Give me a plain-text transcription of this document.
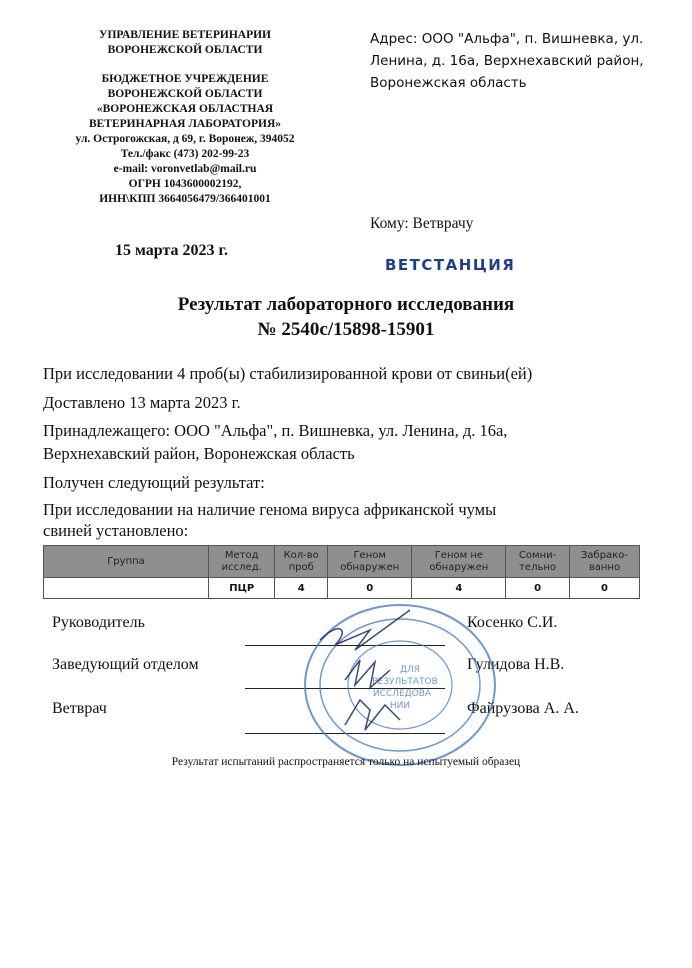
УПРАВЛЕНИЕ ВЕТЕРИНАРИИ
ВОРОНЕЖСКОЙ ОБЛАСТИ
БЮДЖЕТНОЕ УЧРЕЖДЕНИЕ
ВОРОНЕЖСКОЙ ОБЛАСТИ
«ВОРОНЕЖСКАЯ ОБЛАСТНАЯ
ВЕТЕРИНАРНАЯ ЛАБОРАТОРИЯ»
ул. Острогожская, д 69, г. Воронеж, 394052
Тел./факс (473) 202-99-23
e-mail: voronvetlab@mail.ru
ОГРН 1043600002192,
ИНН\КПП 3664056479/366401001
Адрес: ООО "Альфа", п. Вишневка, ул. Ленина, д. 16а, Верхнехавский район, Воронежская область
Кому: Ветврачу
15 марта 2023 г.
ВЕТСТАНЦИЯ
Результат лабораторного исследования
№ 2540с/15898-15901
При исследовании 4 проб(ы) стабилизированной крови от свиньи(ей)
Доставлено 13 марта 2023 г.
Принадлежащего: ООО "Альфа", п. Вишневка, ул. Ленина, д. 16а,
Верхнехавский район, Воронежская область
Получен следующий результат:
При исследовании на наличие генома вируса африканской чумы
свиней установлено:
Группа	Метод исслед.	Кол-во проб	Геном обнаружен	Геном не обнаружен	Сомни-тельно	Забрако-ванно
	ПЦР	4	0	4	0	0
Руководитель	Косенко С.И.
Заведующий отделом	Гулидова Н.В.
Ветврач	Файрузова А. А.
ДЛЯ
РЕЗУЛЬТАТОВ
ИССЛЕДОВА
НИИ
Результат испытаний распространяется только на испытуемый образец
